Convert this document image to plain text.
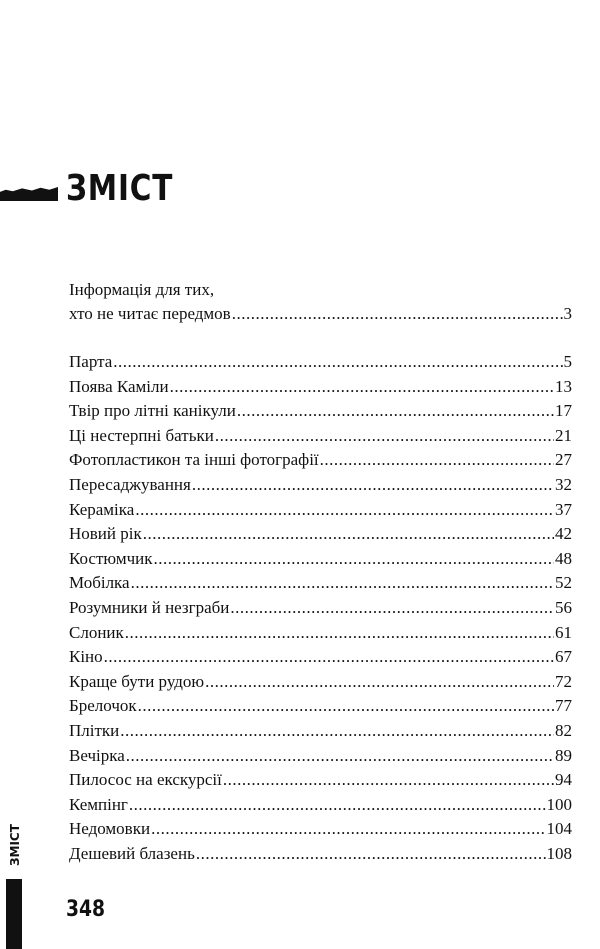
ЗМІСТ
Інформація для тих,
хто не читає передмов .....	3
Парта .....	5
Поява Каміли .....	13
Твір про літні канікули .....	17
Ці нестерпні батьки .....	21
Фотопластикон та інші фотографії .....	27
Пересаджування .....	32
Кераміка .....	37
Новий рік .....	42
Костюмчик .....	48
Мобілка .....	52
Розумники й незграби .....	56
Слоник .....	61
Кіно .....	67
Краще бути рудою .....	72
Брелочок .....	77
Плітки .....	82
Вечірка .....	89
Пилосос на екскурсії .....	94
Кемпінг .....	100
Недомовки .....	104
Дешевий блазень .....	108
ЗМІСТ
348
